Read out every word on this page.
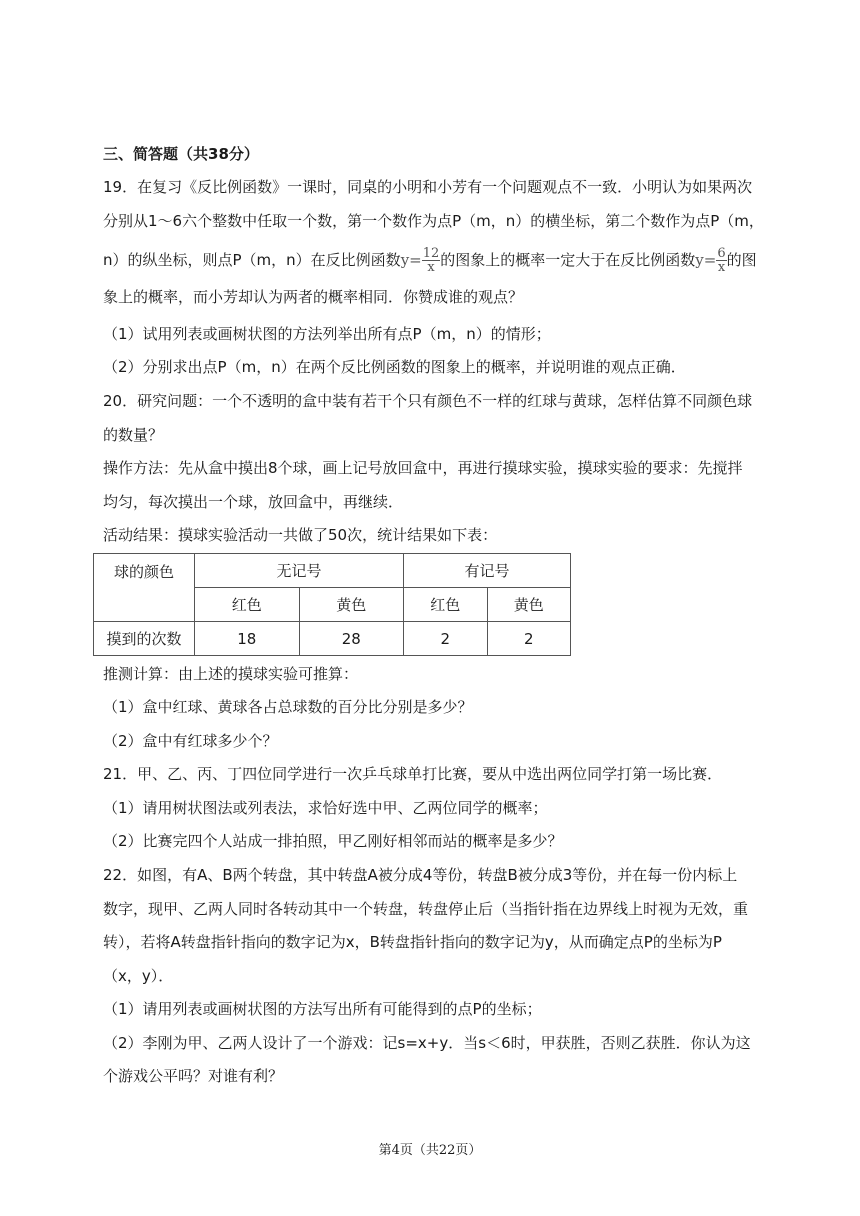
三、简答题（共38分）
19．在复习《反比例函数》一课时，同桌的小明和小芳有一个问题观点不一致．小明认为如果两次
分别从1～6六个整数中任取一个数，第一个数作为点P（m，n）的横坐标，第二个数作为点P（m，
n）的纵坐标，则点P（m，n）在反比例函数$y= \frac{12}{x}$ 的图象上的概率一定大于在反比例函数$y= \frac{6}{x}$ 的图
象上的概率，而小芳却认为两者的概率相同．你赞成谁的观点？
（1）试用列表或画树状图的方法列举出所有点P（m，n）的情形；
（2）分别求出点P（m，n）在两个反比例函数的图象上的概率，并说明谁的观点正确．
20．研究问题：一个不透明的盒中装有若干个只有颜色不一样的红球与黄球，怎样估算不同颜色球
的数量？
操作方法：先从盒中摸出8个球，画上记号放回盒中，再进行摸球实验，摸球实验的要求：先搅拌
均匀，每次摸出一个球，放回盒中，再继续．
活动结果：摸球实验活动一共做了50次，统计结果如下表：
球的颜色	无记号		有记号	
	红色	黄色	红色	黄色
摸到的次数	18	28	2	2
推测计算：由上述的摸球实验可推算：
（1）盒中红球、黄球各占总球数的百分比分别是多少？
（2）盒中有红球多少个？
21．甲、乙、丙、丁四位同学进行一次乒乓球单打比赛，要从中选出两位同学打第一场比赛．
（1）请用树状图法或列表法，求恰好选中甲、乙两位同学的概率；
（2）比赛完四个人站成一排拍照，甲乙刚好相邻而站的概率是多少？
22．如图，有A、B两个转盘，其中转盘A被分成4等份，转盘B被分成3等份，并在每一份内标上
数字，现甲、乙两人同时各转动其中一个转盘，转盘停止后（当指针指在边界线上时视为无效，重
转），若将A转盘指针指向的数字记为x，B转盘指针指向的数字记为y，从而确定点P的坐标为P
（x，y）．
（1）请用列表或画树状图的方法写出所有可能得到的点P的坐标；
（2）李刚为甲、乙两人设计了一个游戏：记s=x+y．当s＜6时，甲获胜，否则乙获胜．你认为这
个游戏公平吗？对谁有利？
第4页（共22页）
